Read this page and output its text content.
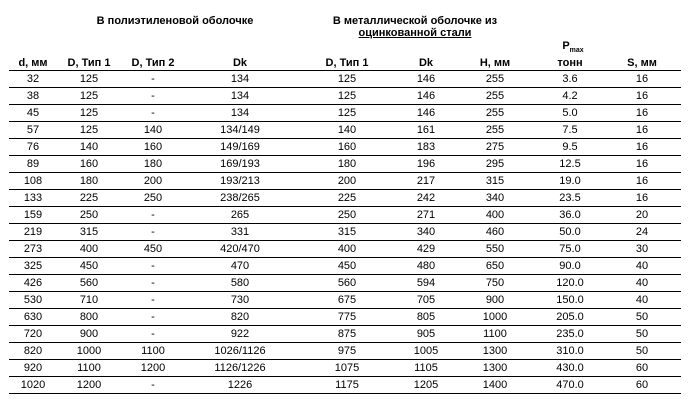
В полиэтиленовой оболочке	В металлической оболочке из
оцинкованной стали
$P_{max}$
d, мм	D, Тип 1	D, Тип 2	Dk	D, Тип 1	Dk	Н, мм	тонн	S, мм
32	125	-	134	125	146	255	3.6	16
38	125	-	134	125	146	255	4.2	16
45	125	-	134	125	146	255	5.0	16
57	125	140	134/149	140	161	255	7.5	16
76	140	160	149/169	160	183	275	9.5	16
89	160	180	169/193	180	196	295	12.5	16
108	180	200	193/213	200	217	315	19.0	16
133	225	250	238/265	225	242	340	23.5	16
159	250	-	265	250	271	400	36.0	20
219	315	-	331	315	340	460	50.0	24
273	400	450	420/470	400	429	550	75.0	30
325	450	-	470	450	480	650	90.0	40
426	560	-	580	560	594	750	120.0	40
530	710	-	730	675	705	900	150.0	40
630	800	-	820	775	805	1000	205.0	50
720	900	-	922	875	905	1100	235.0	50
820	1000	1100	1026/1126	975	1005	1300	310.0	50
920	1100	1200	1126/1226	1075	1105	1300	430.0	60
1020	1200	-	1226	1175	1205	1400	470.0	60
